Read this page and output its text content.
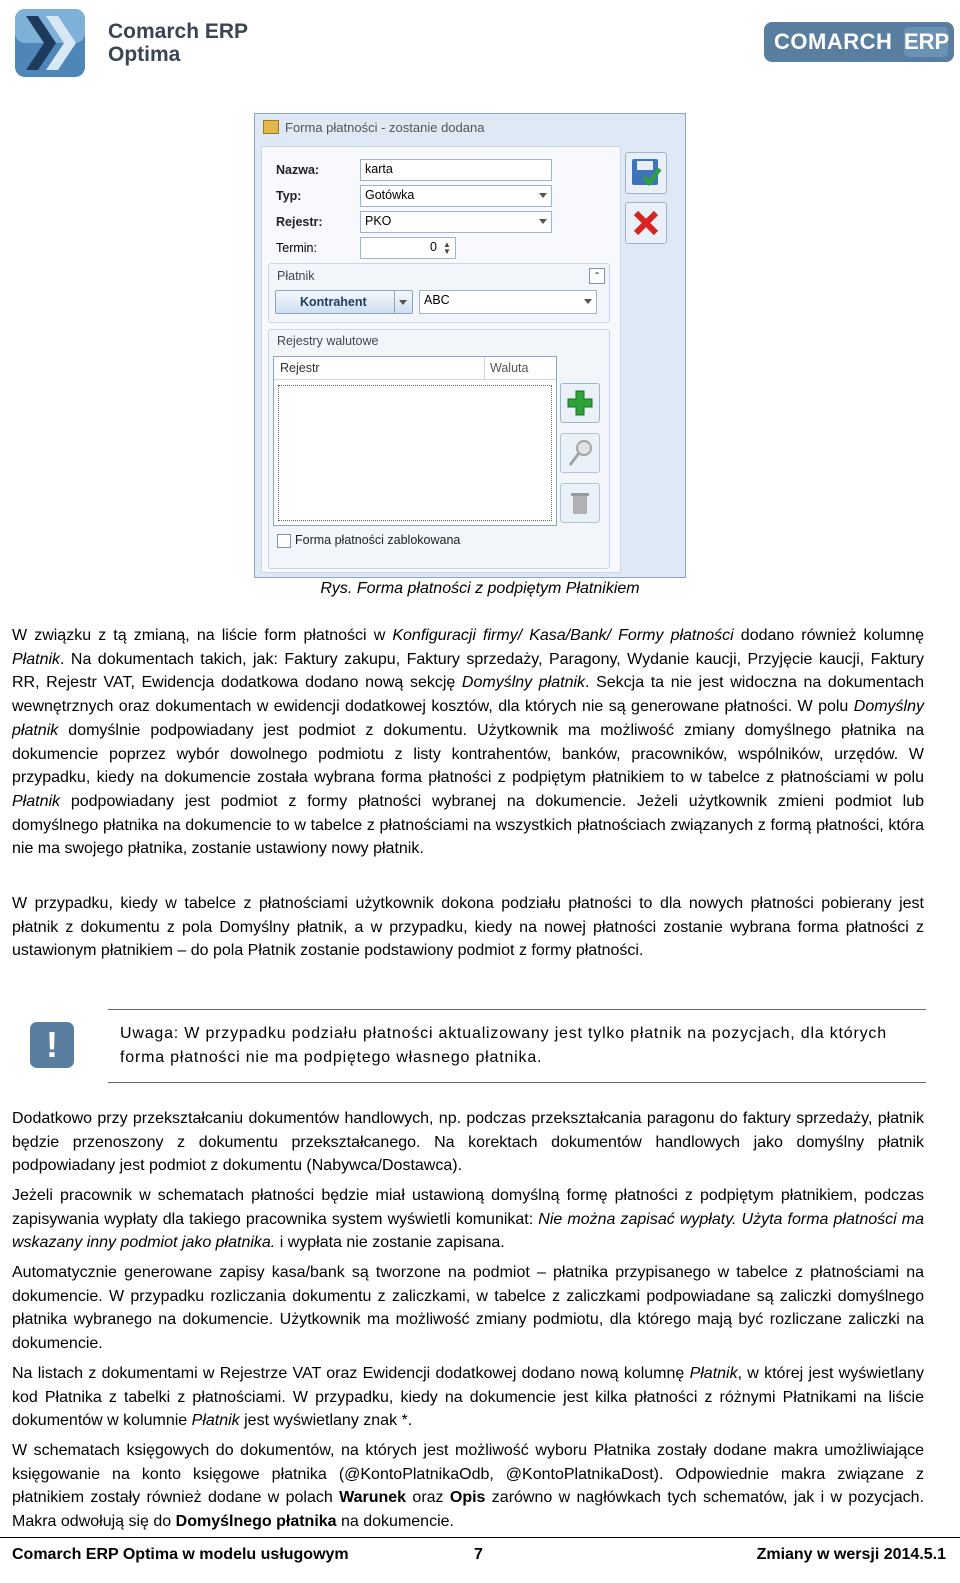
Comarch ERP
Optima
COMARCH ERP
Forma płatności - zostanie dodana
Nazwa:	karta
Typ:	Gotówka
Rejestr:	PKO
Termin:	0 ▲
▼
Płatnik	⌃
Kontrahent	ABC
Rejestry walutowe
Rejestr	Waluta
Forma płatności zablokowana
Rys. Forma płatności z podpiętym Płatnikiem
W związku z tą zmianą, na liście form płatności w Konfiguracji firmy/ Kasa/Bank/ Formy płatności dodano również kolumnę Płatnik. Na dokumentach takich, jak: Faktury zakupu, Faktury sprzedaży, Paragony, Wydanie kaucji, Przyjęcie kaucji, Faktury RR, Rejestr VAT, Ewidencja dodatkowa dodano nową sekcję Domyślny płatnik. Sekcja ta nie jest widoczna na dokumentach wewnętrznych oraz dokumentach w ewidencji dodatkowej kosztów, dla których nie są generowane płatności. W polu Domyślny płatnik domyślnie podpowiadany jest podmiot z dokumentu. Użytkownik ma możliwość zmiany domyślnego płatnika na dokumencie poprzez wybór dowolnego podmiotu z listy kontrahentów, banków, pracowników, wspólników, urzędów. W przypadku, kiedy na dokumencie została wybrana forma płatności z podpiętym płatnikiem to w tabelce z płatnościami w polu Płatnik podpowiadany jest podmiot z formy płatności wybranej na dokumencie. Jeżeli użytkownik zmieni podmiot lub domyślnego płatnika na dokumencie to w tabelce z płatnościami na wszystkich płatnościach związanych z formą płatności, która nie ma swojego płatnika, zostanie ustawiony nowy płatnik.
W przypadku, kiedy w tabelce z płatnościami użytkownik dokona podziału płatności to dla nowych płatności pobierany jest płatnik z dokumentu z pola Domyślny płatnik, a w przypadku, kiedy na nowej płatności zostanie wybrana forma płatności z ustawionym płatnikiem – do pola Płatnik zostanie podstawiony podmiot z formy płatności.
!	Uwaga: W przypadku podziału płatności aktualizowany jest tylko płatnik na pozycjach, dla których forma płatności nie ma podpiętego własnego płatnika.
Dodatkowo przy przekształcaniu dokumentów handlowych, np. podczas przekształcania paragonu do faktury sprzedaży, płatnik będzie przenoszony z dokumentu przekształcanego. Na korektach dokumentów handlowych jako domyślny płatnik podpowiadany jest podmiot z dokumentu (Nabywca/Dostawca).
Jeżeli pracownik w schematach płatności będzie miał ustawioną domyślną formę płatności z podpiętym płatnikiem, podczas zapisywania wypłaty dla takiego pracownika system wyświetli komunikat: Nie można zapisać wypłaty. Użyta forma płatności ma wskazany inny podmiot jako płatnika. i wypłata nie zostanie zapisana.
Automatycznie generowane zapisy kasa/bank są tworzone na podmiot – płatnika przypisanego w tabelce z płatnościami na dokumencie. W przypadku rozliczania dokumentu z zaliczkami, w tabelce z zaliczkami podpowiadane są zaliczki domyślnego płatnika wybranego na dokumencie. Użytkownik ma możliwość zmiany podmiotu, dla którego mają być rozliczane zaliczki na dokumencie.
Na listach z dokumentami w Rejestrze VAT oraz Ewidencji dodatkowej dodano nową kolumnę Płatnik, w której jest wyświetlany kod Płatnika z tabelki z płatnościami. W przypadku, kiedy na dokumencie jest kilka płatności z różnymi Płatnikami na liście dokumentów w kolumnie Płatnik jest wyświetlany znak *.
W schematach księgowych do dokumentów, na których jest możliwość wyboru Płatnika zostały dodane makra umożliwiające księgowanie na konto księgowe płatnika (@KontoPlatnikaOdb, @KontoPlatnikaDost). Odpowiednie makra związane z płatnikiem zostały również dodane w polach Warunek oraz Opis zarówno w nagłówkach tych schematów, jak i w pozycjach. Makra odwołują się do Domyślnego płatnika na dokumencie.
Comarch ERP Optima w modelu usługowym	7	Zmiany w wersji 2014.5.1
